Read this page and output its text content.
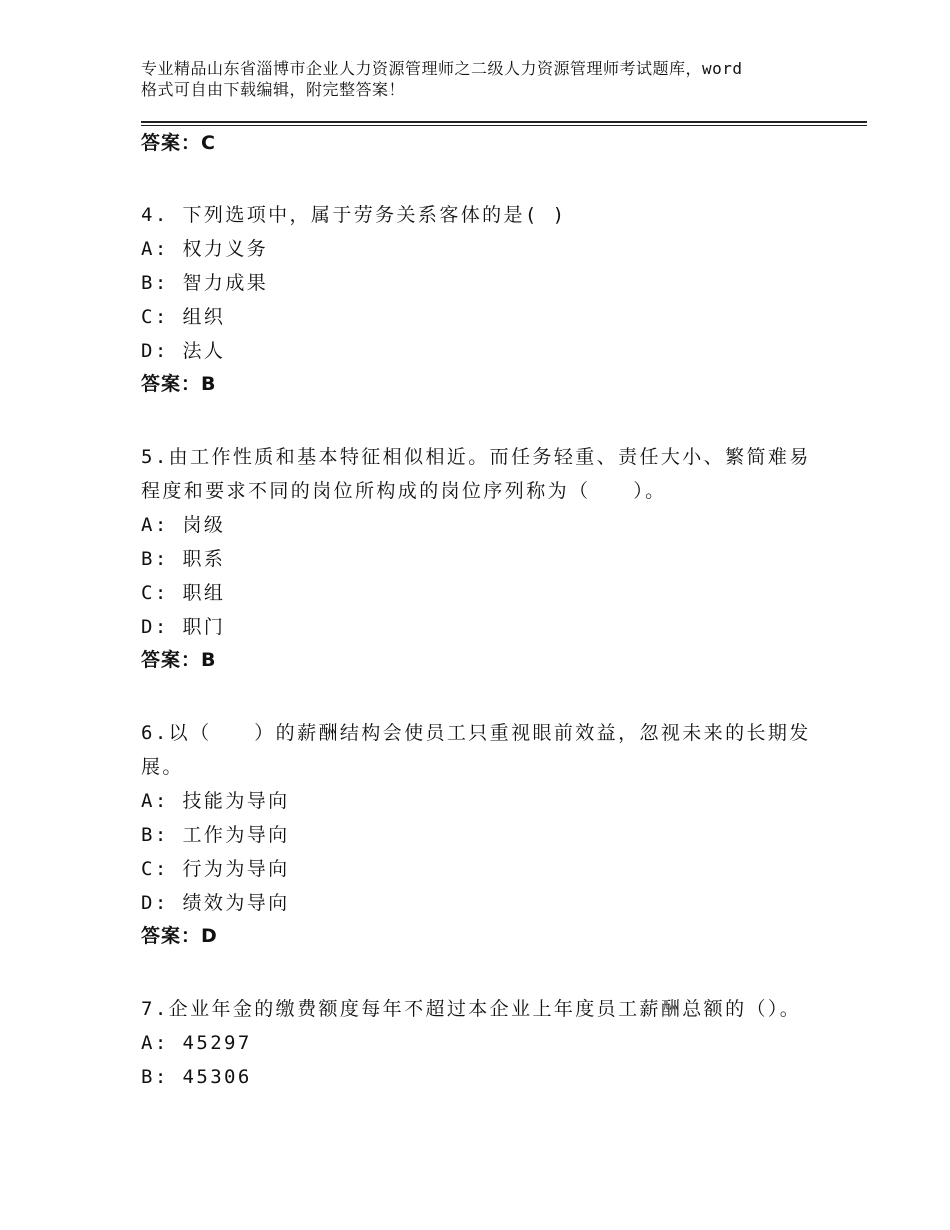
专业精品山东省淄博市企业人力资源管理师之二级人力资源管理师考试题库，word
格式可自由下载编辑，附完整答案！
答案：C
4. 下列选项中，属于劳务关系客体的是( )
A: 权力义务
B: 智力成果
C: 组织
D: 法人
答案：B
5.由工作性质和基本特征相似相近。而任务轻重、责任大小、繁简难易程度和要求不同的岗位所构成的岗位序列称为（　　）。
A: 岗级
B: 职系
C: 职组
D: 职门
答案：B
6.以（　　）的薪酬结构会使员工只重视眼前效益，忽视未来的长期发展。
A: 技能为导向
B: 工作为导向
C: 行为为导向
D: 绩效为导向
答案：D
7.企业年金的缴费额度每年不超过本企业上年度员工薪酬总额的（）。
A: 45297
B: 45306
